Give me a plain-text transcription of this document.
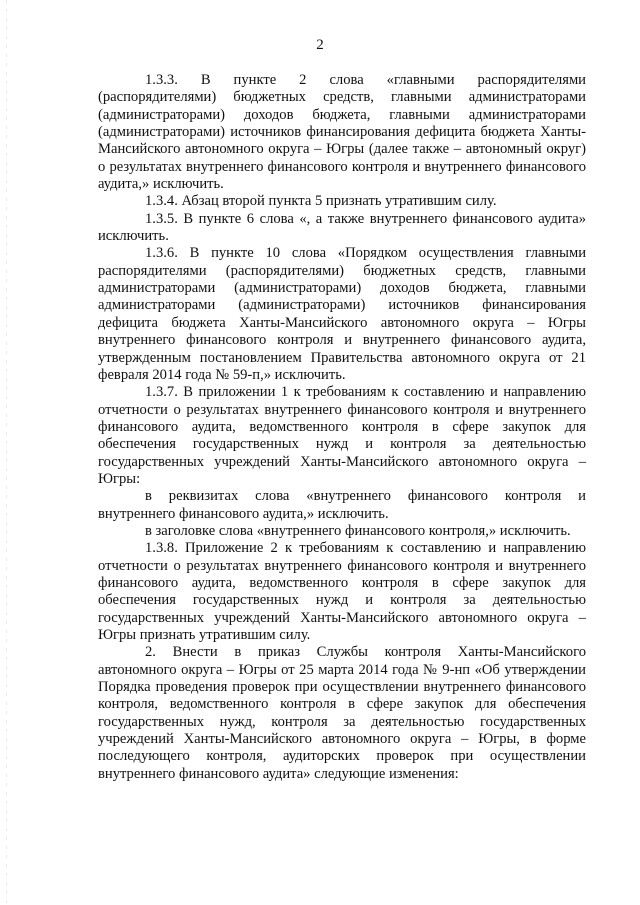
2

1.3.3. В пункте 2 слова «главными распорядителями (распорядителями) бюджетных средств, главными администраторами (администраторами) доходов бюджета, главными администраторами (администраторами) источников финансирования дефицита бюджета Ханты-Мансийского автономного округа – Югры (далее также – автономный округ) о результатах внутреннего финансового контроля и внутреннего финансового аудита,» исключить.

1.3.4. Абзац второй пункта 5 признать утратившим силу.

1.3.5. В пункте 6 слова «, а также внутреннего финансового аудита» исключить.

1.3.6. В пункте 10 слова «Порядком осуществления главными распорядителями (распорядителями) бюджетных средств, главными администраторами (администраторами) доходов бюджета, главными администраторами (администраторами) источников финансирования дефицита бюджета Ханты-Мансийского автономного округа – Югры внутреннего финансового контроля и внутреннего финансового аудита, утвержденным постановлением Правительства автономного округа от 21 февраля 2014 года № 59-п,» исключить.

1.3.7. В приложении 1 к требованиям к составлению и направлению отчетности о результатах внутреннего финансового контроля и внутреннего финансового аудита, ведомственного контроля в сфере закупок для обеспечения государственных нужд и контроля за деятельностью государственных учреждений Ханты-Мансийского автономного округа – Югры:

в реквизитах слова «внутреннего финансового контроля и внутреннего финансового аудита,» исключить.

в заголовке слова «внутреннего финансового контроля,» исключить.

1.3.8. Приложение 2 к требованиям к составлению и направлению отчетности о результатах внутреннего финансового контроля и внутреннего финансового аудита, ведомственного контроля в сфере закупок для обеспечения государственных нужд и контроля за деятельностью государственных учреждений Ханты-Мансийского автономного округа – Югры признать утратившим силу.

2. Внести в приказ Службы контроля Ханты-Мансийского автономного округа – Югры от 25 марта 2014 года № 9-нп «Об утверждении Порядка проведения проверок при осуществлении внутреннего финансового контроля, ведомственного контроля в сфере закупок для обеспечения государственных нужд, контроля за деятельностью государственных учреждений Ханты-Мансийского автономного округа – Югры, в форме последующего контроля, аудиторских проверок при осуществлении внутреннего финансового аудита» следующие изменения:
